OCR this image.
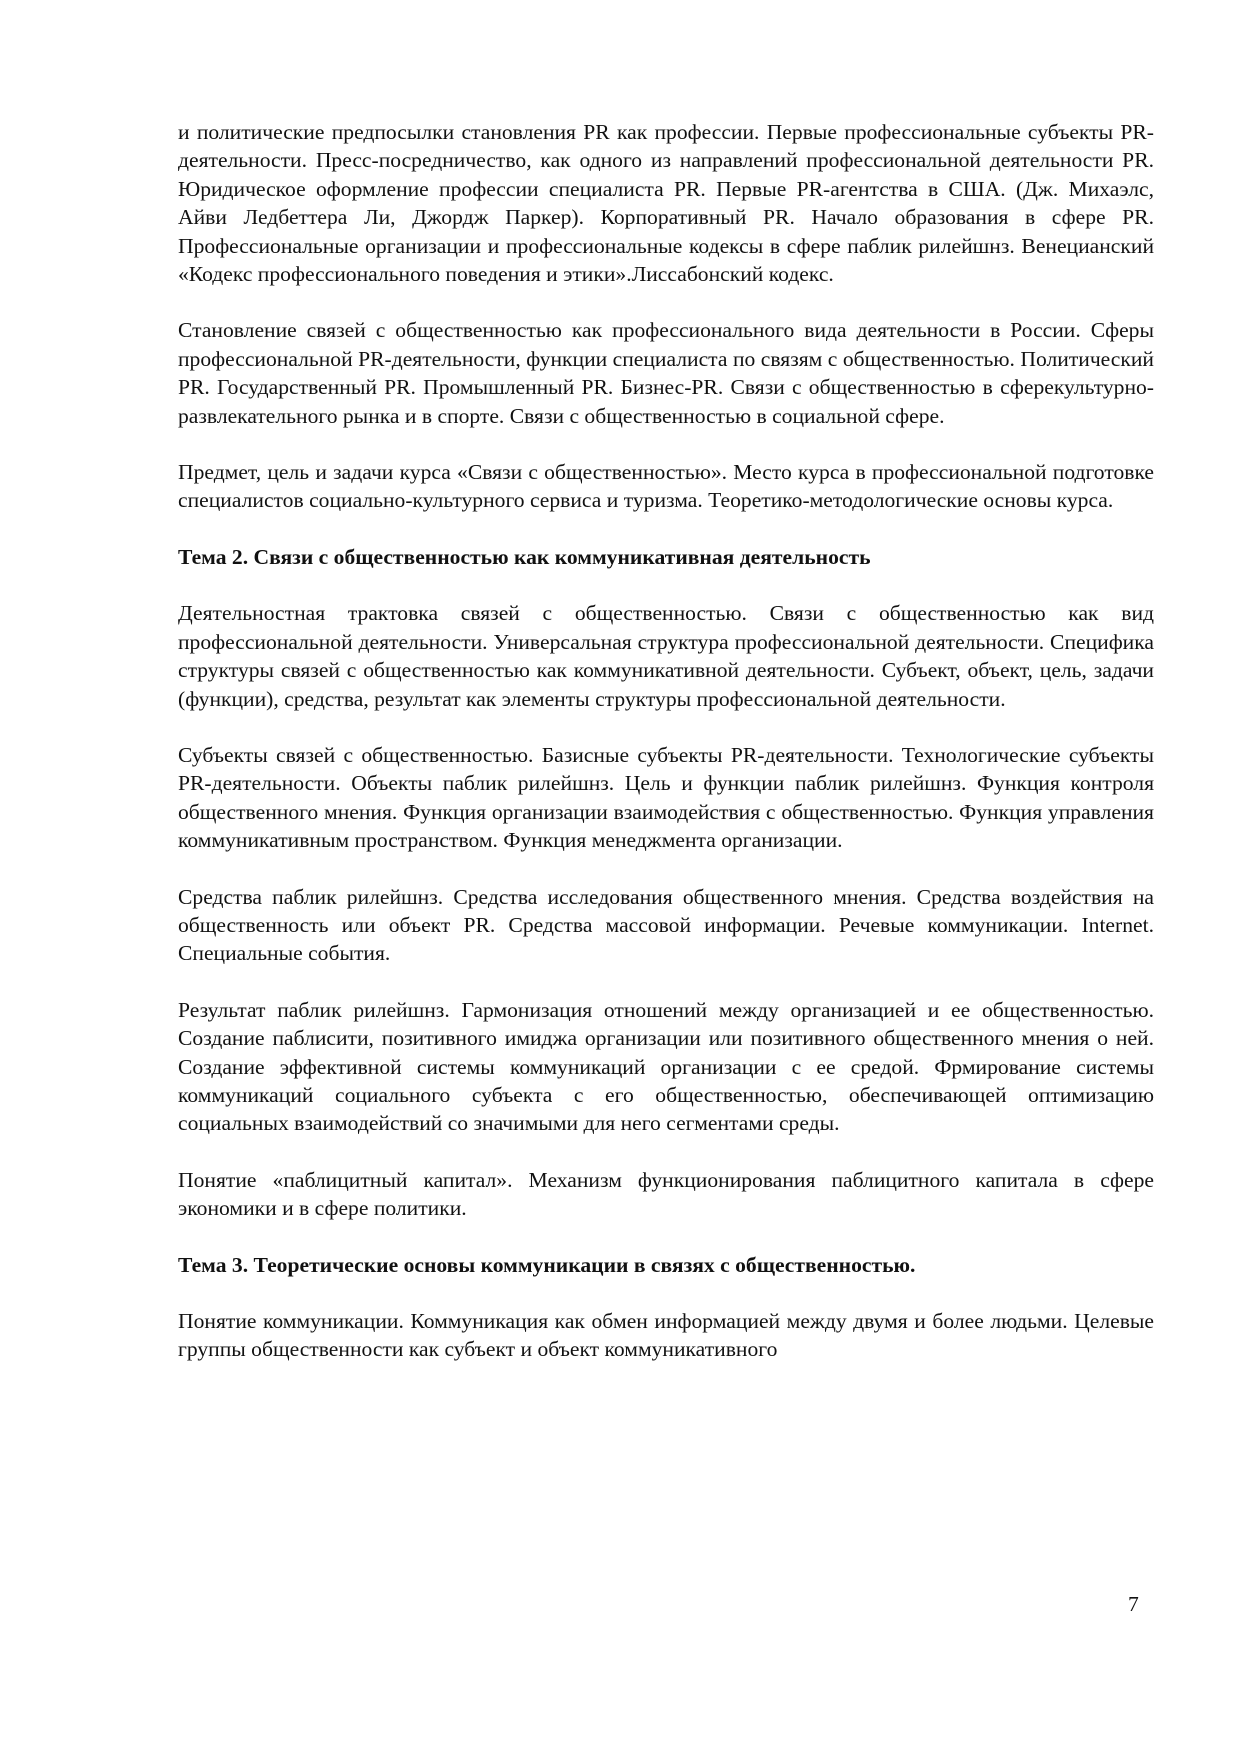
и политические предпосылки становления PR как профессии. Первые профессиональные субъекты PR-деятельности. Пресс-посредничество, как одного из направлений профессиональной деятельности PR. Юридическое оформление профессии специалиста PR. Первые PR-агентства в США. (Дж. Михаэлс, Айви Ледбеттера Ли, Джордж Паркер). Корпоративный PR. Начало образования в сфере PR. Профессиональные организации и профессиональные кодексы в сфере паблик рилейшнз. Венецианский «Кодекс профессионального поведения и этики».Лиссабонский кодекс.

Становление связей с общественностью как профессионального вида деятельности в России. Сферы профессиональной PR-деятельности, функции специалиста по связям с общественностью. Политический PR. Государственный PR. Промышленный PR. Бизнес-PR. Связи с общественностью в сферекультурно-развлекательного рынка и в спорте. Связи с общественностью в социальной сфере.

Предмет, цель и задачи курса «Связи с общественностью». Место курса в профессиональной подготовке специалистов социально-культурного сервиса и туризма. Теоретико-методологические основы курса.

Тема 2. Связи с общественностью как коммуникативная деятельность

Деятельностная трактовка связей с общественностью. Связи с общественностью как вид профессиональной деятельности. Универсальная структура профессиональной деятельности. Специфика структуры связей с общественностью как коммуникативной деятельности. Субъект, объект, цель, задачи (функции), средства, результат как элементы структуры профессиональной деятельности.

Субъекты связей с общественностью. Базисные субъекты PR-деятельности. Технологические субъекты PR-деятельности. Объекты паблик рилейшнз. Цель и функции паблик рилейшнз. Функция контроля общественного мнения. Функция организации взаимодействия с общественностью. Функция управления коммуникативным пространством. Функция менеджмента организации.

Средства паблик рилейшнз. Средства исследования общественного мнения. Средства воздействия на общественность или объект PR. Средства массовой информации. Речевые коммуникации. Internet. Специальные события.

Результат паблик рилейшнз. Гармонизация отношений между организацией и ее общественностью. Создание паблисити, позитивного имиджа организации или позитивного общественного мнения о ней. Создание эффективной системы коммуникаций организации с ее средой. Фрмирование системы коммуникаций социального субъекта с его общественностью, обеспечивающей оптимизацию социальных взаимодействий со значимыми для него сегментами среды.

Понятие «паблицитный капитал». Механизм функционирования паблицитного капитала в сфере экономики и в сфере политики.

Тема 3. Теоретические основы коммуникации в связях с общественностью.

Понятие коммуникации. Коммуникация как обмен информацией между двумя и более людьми. Целевые группы общественности как субъект и объект коммуникативного

7
